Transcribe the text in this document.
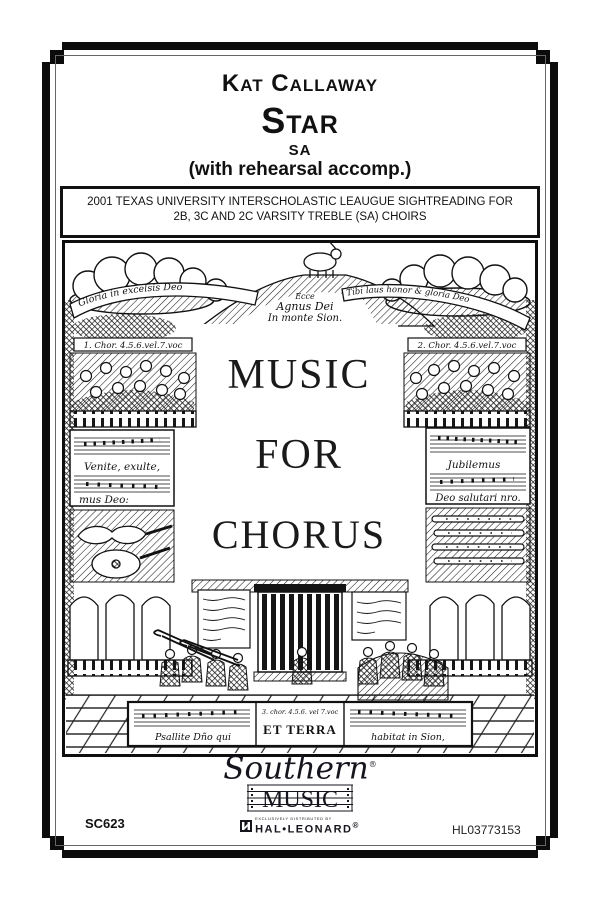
Kat Callaway
Star
SA
(with rehearsal accomp.)
2001 TEXAS UNIVERSITY INTERSCHOLASTIC LEAUGUE SIGHTREADING FOR
2B, 3C AND 2C VARSITY TREBLE (SA) CHOIRS
Ecce
Agnus Dei
In monte Sion.
Gloria in excelsis Deo
Tibi laus honor & gloria Deo
1. Chor. 4.5.6.vel.7.voc	2. Chor. 4.5.6.vel.7.voc
Venite, exulte,
mus Deo:
Jubilemus
Deo salutari nro.
Psallite Dño qui
3. chor. 4.5.6. vel 7.voc
ET TERRA
habitat in Sion,
MUSIC
FOR
CHORUS
Southern®
MUSIC
EXCLUSIVELY DISTRIBUTED BY
HAL•LEONARD®
SC623	HL03773153
